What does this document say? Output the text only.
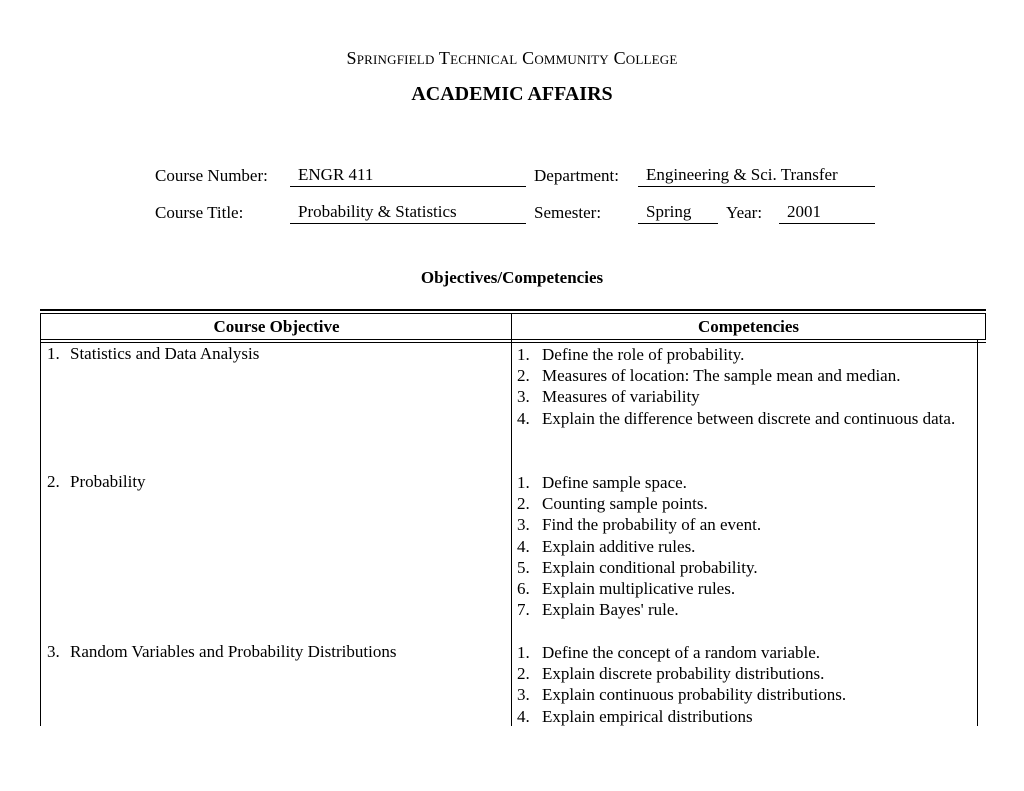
Springfield Technical Community College
ACADEMIC AFFAIRS
Course Number:	ENGR 411	Department:	Engineering & Sci. Transfer
Course Title:	Probability & Statistics	Semester:	Spring	Year:	2001
Objectives/Competencies
Course Objective	Competencies
1. Statistics and Data Analysis	1. Define the role of probability.
2. Measures of location: The sample mean and median.
3. Measures of variability
4. Explain the difference between discrete and continuous data.
2. Probability	1. Define sample space.
2. Counting sample points.
3. Find the probability of an event.
4. Explain additive rules.
5. Explain conditional probability.
6. Explain multiplicative rules.
7. Explain Bayes' rule.
3. Random Variables and Probability Distributions	1. Define the concept of a random variable.
2. Explain discrete probability distributions.
3. Explain continuous probability distributions.
4. Explain empirical distributions
